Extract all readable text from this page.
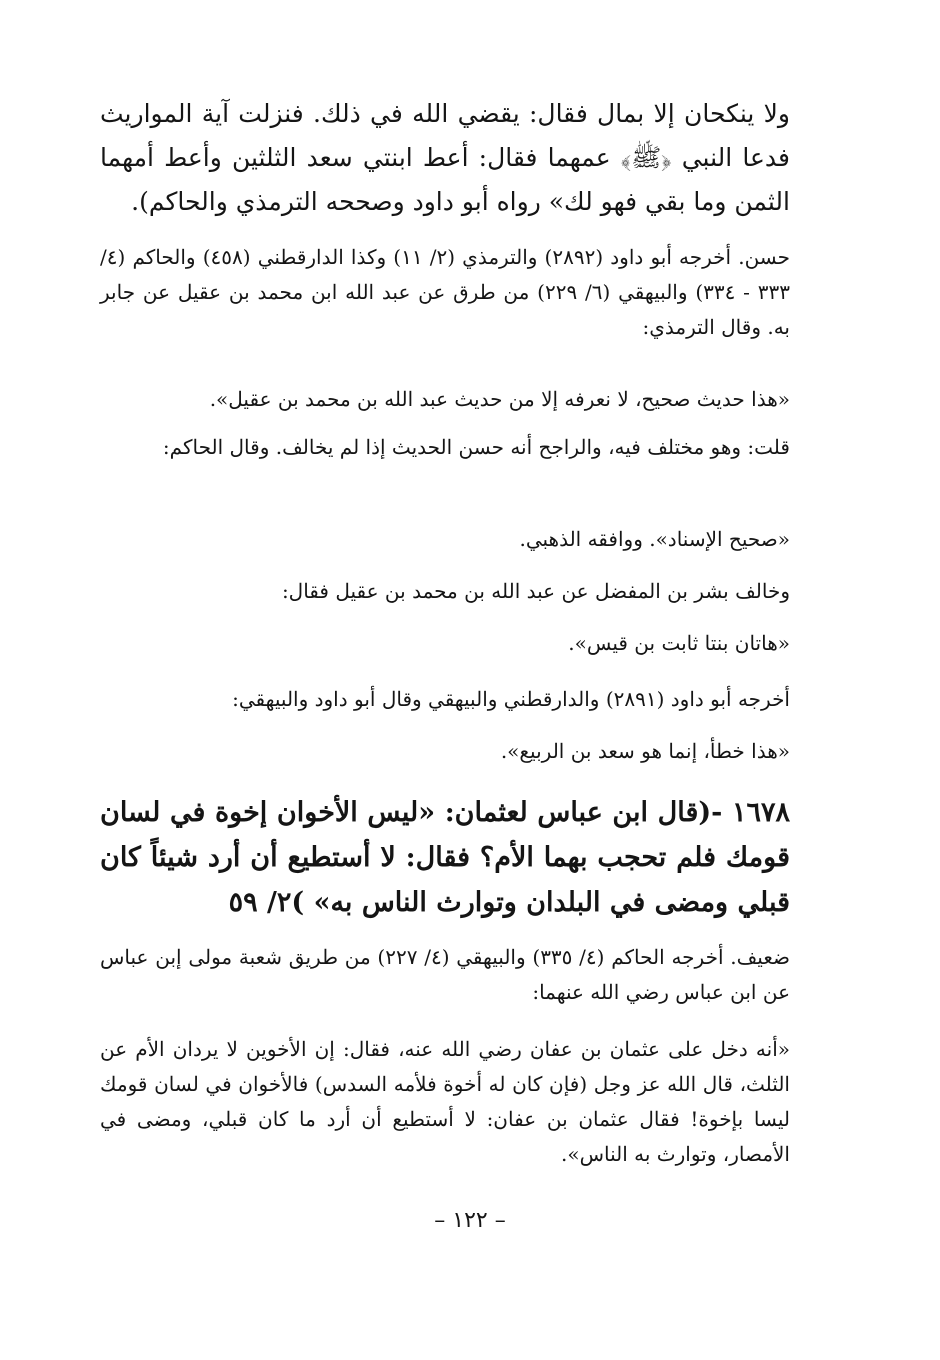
ولا ينكحان إلا بمال فقال: يقضي الله في ذلك. فنزلت آية المواريث فدعا النبي ﴿ﷺ﴾ عمهما فقال: أعط ابنتي سعد الثلثين وأعط أمهما الثمن وما بقي فهو لك» رواه أبو داود وصححه الترمذي والحاكم).

حسن. أخرجه أبو داود (٢٨٩٢) والترمذي (٢/ ١١) وكذا الدارقطني (٤٥٨) والحاكم (٤/ ٣٣٣ - ٣٣٤) والبيهقي (٦/ ٢٢٩) من طرق عن عبد الله ابن محمد بن عقيل عن جابر به. وقال الترمذي:

«هذا حديث صحيح، لا نعرفه إلا من حديث عبد الله بن محمد بن عقيل».

قلت: وهو مختلف فيه، والراجح أنه حسن الحديث إذا لم يخالف. وقال الحاكم:

«صحيح الإسناد». ووافقه الذهبي.

وخالف بشر بن المفضل عن عبد الله بن محمد بن عقيل فقال:

«هاتان بنتا ثابت بن قيس».

أخرجه أبو داود (٢٨٩١) والدارقطني والبيهقي وقال أبو داود والبيهقي:

«هذا خطأ، إنما هو سعد بن الربيع».

١٦٧٨ -(قال ابن عباس لعثمان: «ليس الأخوان إخوة في لسان قومك فلم تحجب بهما الأم؟ فقال: لا أستطيع أن أرد شيئاً كان قبلي ومضى في البلدان وتوارث الناس به» )٢/ ٥٩

ضعيف. أخرجه الحاكم (٤/ ٣٣٥) والبيهقي (٤/ ٢٢٧) من طريق شعبة مولى إبن عباس عن ابن عباس رضي الله عنهما:

«أنه دخل على عثمان بن عفان رضي الله عنه، فقال: إن الأخوين لا يردان الأم عن الثلث، قال الله عز وجل (فإن كان له أخوة فلأمه السدس) فالأخوان في لسان قومك ليسا بإخوة! فقال عثمان بن عفان: لا أستطيع أن أرد ما كان قبلي، ومضى في الأمصار، وتوارث به الناس».

– ١٢٢ –
